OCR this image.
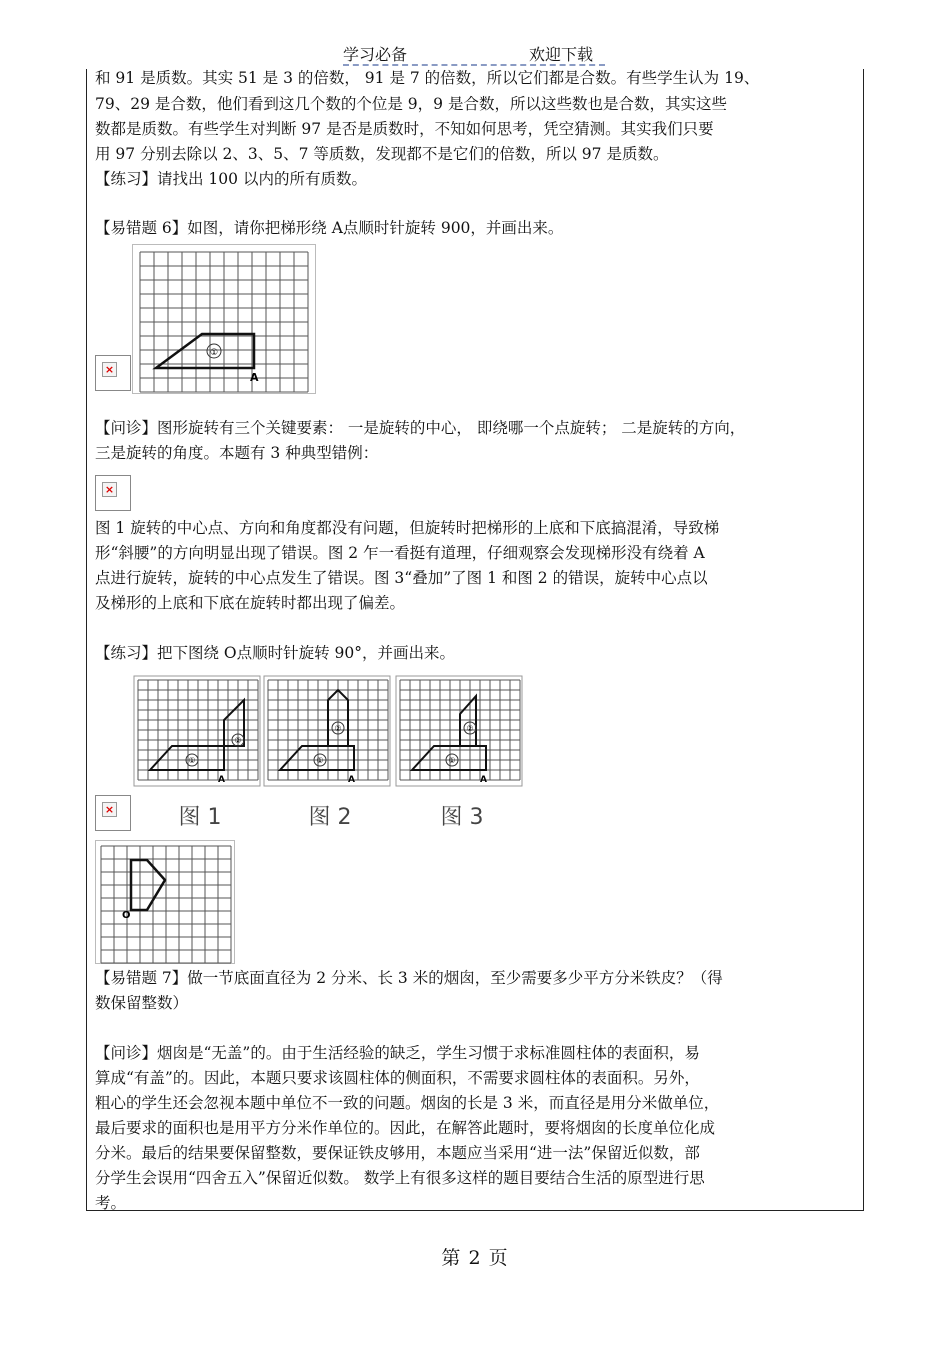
学习必备	欢迎下载
和 91 是质数。其实 51 是 3 的倍数， 91 是 7 的倍数，所以它们都是合数。有些学生认为 19、
79、29 是合数，他们看到这几个数的个位是 9，9 是合数，所以这些数也是合数，其实这些
数都是质数。有些学生对判断 97 是否是质数时，不知如何思考，凭空猜测。其实我们只要
用 97 分别去除以 2、3、5、7 等质数，发现都不是它们的倍数，所以 97 是质数。
【练习】请找出 100 以内的所有质数。
【易错题 6】如图，请你把梯形绕 A点顺时针旋转 900，并画出来。
×
①
A
【问诊】图形旋转有三个关键要素： 一是旋转的中心， 即绕哪一个点旋转； 二是旋转的方向，
三是旋转的角度。本题有 3 种典型错例：
×
图 1 旋转的中心点、方向和角度都没有问题，但旋转时把梯形的上底和下底搞混淆，导致梯
形“斜腰”的方向明显出现了错误。图 2 乍一看挺有道理，仔细观察会发现梯形没有绕着 A
点进行旋转，旋转的中心点发生了错误。图 3“叠加”了图 1 和图 2 的错误，旋转中心点以
及梯形的上底和下底在旋转时都出现了偏差。
【练习】把下图绕 O点顺时针旋转 90°，并画出来。
×
①
②
A
图 1
①
②
A
图 2
①
②
A
图 3
O
【易错题 7】做一节底面直径为 2 分米、长 3 米的烟囱，至少需要多少平方分米铁皮？（得
数保留整数）
【问诊】烟囱是“无盖”的。由于生活经验的缺乏，学生习惯于求标准圆柱体的表面积，易
算成“有盖”的。因此，本题只要求该圆柱体的侧面积，不需要求圆柱体的表面积。另外，
粗心的学生还会忽视本题中单位不一致的问题。烟囱的长是 3 米，而直径是用分米做单位，
最后要求的面积也是用平方分米作单位的。因此，在解答此题时，要将烟囱的长度单位化成
分米。最后的结果要保留整数，要保证铁皮够用，本题应当采用“进一法”保留近似数，部
分学生会误用“四舍五入”保留近似数。 数学上有很多这样的题目要结合生活的原型进行思
考。
第 2 页
